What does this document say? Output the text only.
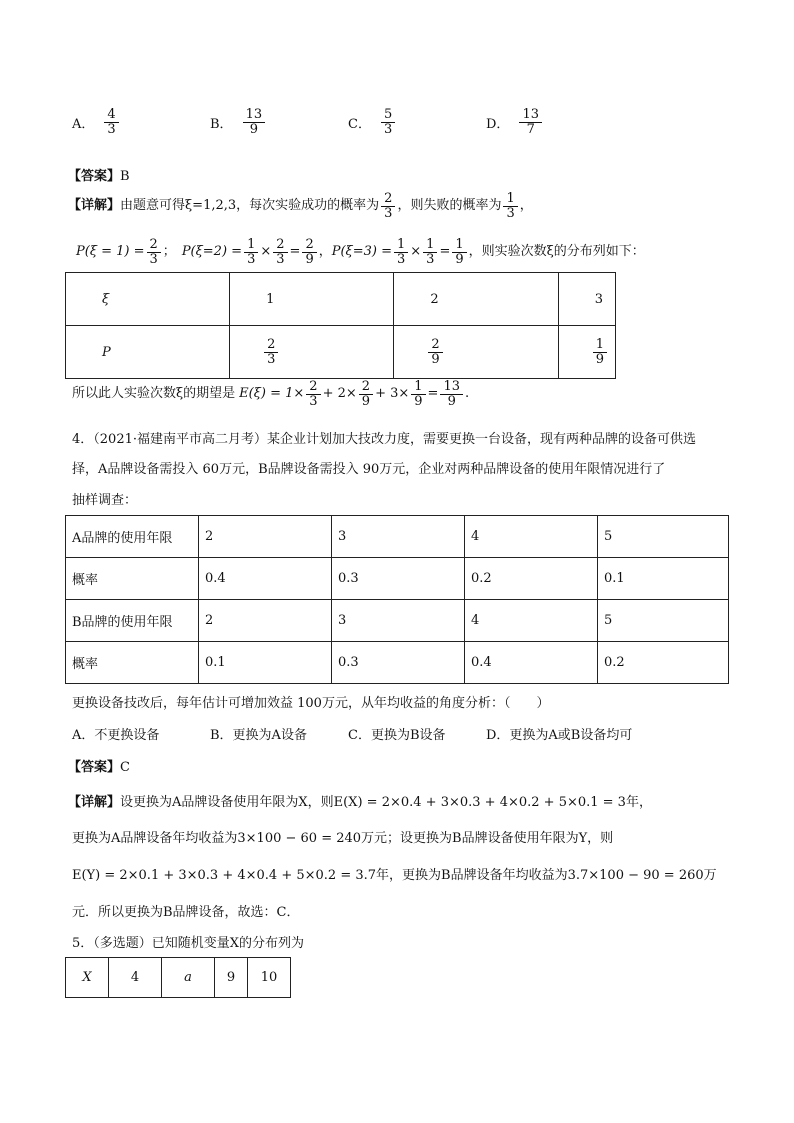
A． $\frac{4}{3}$	B． $\frac{13}{9}$	C． $\frac{5}{3}$	D． $\frac{13}{7}$
【答案】B
【详解】 由题意可得ξ=1,2,3，每次实验成功的概率为 $\frac{2}{3}$ ，则失败的概率为 $\frac{1}{3}$ ，
$P(\xi = 1) = \frac{2}{3}$ ； $P(\xi=2) = \frac{1}{3} \times \frac{2}{3} = \frac{2}{9}$ ， $P(\xi=3) = \frac{1}{3} \times \frac{1}{3} = \frac{1}{9}$ ，则实验次数ξ的分布列如下：
ξ	1	2	3
P	$\frac{2}{3}$	$\frac{2}{9}$	$\frac{1}{9}$
所以此人实验次数ξ的期望是 $E(\xi) = 1\times \frac{2}{3} + 2\times \frac{2}{9} + 3\times \frac{1}{9} = \frac{13}{9}$ .
4．（2021·福建南平市高二月考）某企业计划加大技改力度，需要更换一台设备，现有两种品牌的设备可供选
择，A品牌设备需投入 60万元，B品牌设备需投入 90万元，企业对两种品牌设备的使用年限情况进行了
抽样调查：
A品牌的使用年限	2	3	4	5
概率	0.4	0.3	0.2	0.1
B品牌的使用年限	2	3	4	5
概率	0.1	0.3	0.4	0.2
更换设备技改后，每年估计可增加效益 100万元，从年均收益的角度分析：（　　）
A．不更换设备	B．更换为A设备	C．更换为B设备	D．更换为A或B设备均可
【答案】C
【详解】设更换为A品牌设备使用年限为X，则E(X) = 2×0.4 + 3×0.3 + 4×0.2 + 5×0.1 = 3年，
更换为A品牌设备年均收益为3×100 − 60 = 240万元；设更换为B品牌设备使用年限为Y，则
E(Y) = 2×0.1 + 3×0.3 + 4×0.4 + 5×0.2 = 3.7年，更换为B品牌设备年均收益为3.7×100 − 90 = 260万
元．所以更换为B品牌设备，故选：C．
5．（多选题）已知随机变量X的分布列为
X	4	a	9	10
